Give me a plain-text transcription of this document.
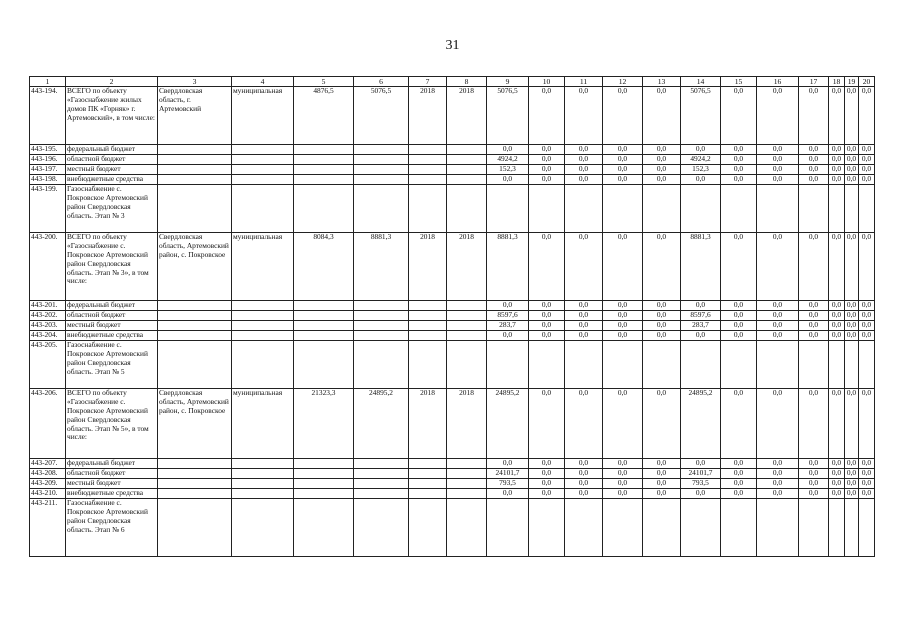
31
1	2	3	4	5	6	7	8	9	10	11	12	13	14	15	16	17	18	19	20
443-194.	ВСЕГО по объекту «Газоснабжение жилых домов ПК «Горняк» г. Артемовский», в том числе:	Свердловская область, г. Артемовский	муниципальная	4876,5	5076,5	2018	2018	5076,5	0,0	0,0	0,0	0,0	5076,5	0,0	0,0	0,0	0,0	0,0	0,0
443-195.	федеральный бюджет							0,0	0,0	0,0	0,0	0,0	0,0	0,0	0,0	0,0	0,0	0,0	0,0
443-196.	областной бюджет							4924,2	0,0	0,0	0,0	0,0	4924,2	0,0	0,0	0,0	0,0	0,0	0,0
443-197.	местный бюджет							152,3	0,0	0,0	0,0	0,0	152,3	0,0	0,0	0,0	0,0	0,0	0,0
443-198.	внебюджетные средства							0,0	0,0	0,0	0,0	0,0	0,0	0,0	0,0	0,0	0,0	0,0	0,0
443-199.	Газоснабжение с. Покровское Артемовский район Свердловская область. Этап № 3																		
443-200.	ВСЕГО по объекту «Газоснабжение с. Покровское Артемовский район Свердловская область. Этап № 3», в том числе:	Свердловская область, Артемовский район, с. Покровское	муниципальная	8084,3	8881,3	2018	2018	8881,3	0,0	0,0	0,0	0,0	8881,3	0,0	0,0	0,0	0,0	0,0	0,0
443-201.	федеральный бюджет							0,0	0,0	0,0	0,0	0,0	0,0	0,0	0,0	0,0	0,0	0,0	0,0
443-202.	областной бюджет							8597,6	0,0	0,0	0,0	0,0	8597,6	0,0	0,0	0,0	0,0	0,0	0,0
443-203.	местный бюджет							283,7	0,0	0,0	0,0	0,0	283,7	0,0	0,0	0,0	0,0	0,0	0,0
443-204.	внебюджетные средства							0,0	0,0	0,0	0,0	0,0	0,0	0,0	0,0	0,0	0,0	0,0	0,0
443-205.	Газоснабжение с. Покровское Артемовский район Свердловская область. Этап № 5																		
443-206.	ВСЕГО по объекту «Газоснабжение с. Покровское Артемовский район Свердловская область. Этап № 5», в том числе:	Свердловская область, Артемовский район, с. Покровское	муниципальная	21323,3	24895,2	2018	2018	24895,2	0,0	0,0	0,0	0,0	24895,2	0,0	0,0	0,0	0,0	0,0	0,0
443-207.	федеральный бюджет							0,0	0,0	0,0	0,0	0,0	0,0	0,0	0,0	0,0	0,0	0,0	0,0
443-208.	областной бюджет							24101,7	0,0	0,0	0,0	0,0	24101,7	0,0	0,0	0,0	0,0	0,0	0,0
443-209.	местный бюджет							793,5	0,0	0,0	0,0	0,0	793,5	0,0	0,0	0,0	0,0	0,0	0,0
443-210.	внебюджетные средства							0,0	0,0	0,0	0,0	0,0	0,0	0,0	0,0	0,0	0,0	0,0	0,0
443-211.	Газоснабжение с. Покровское Артемовский район Свердловская область. Этап № 6																		
